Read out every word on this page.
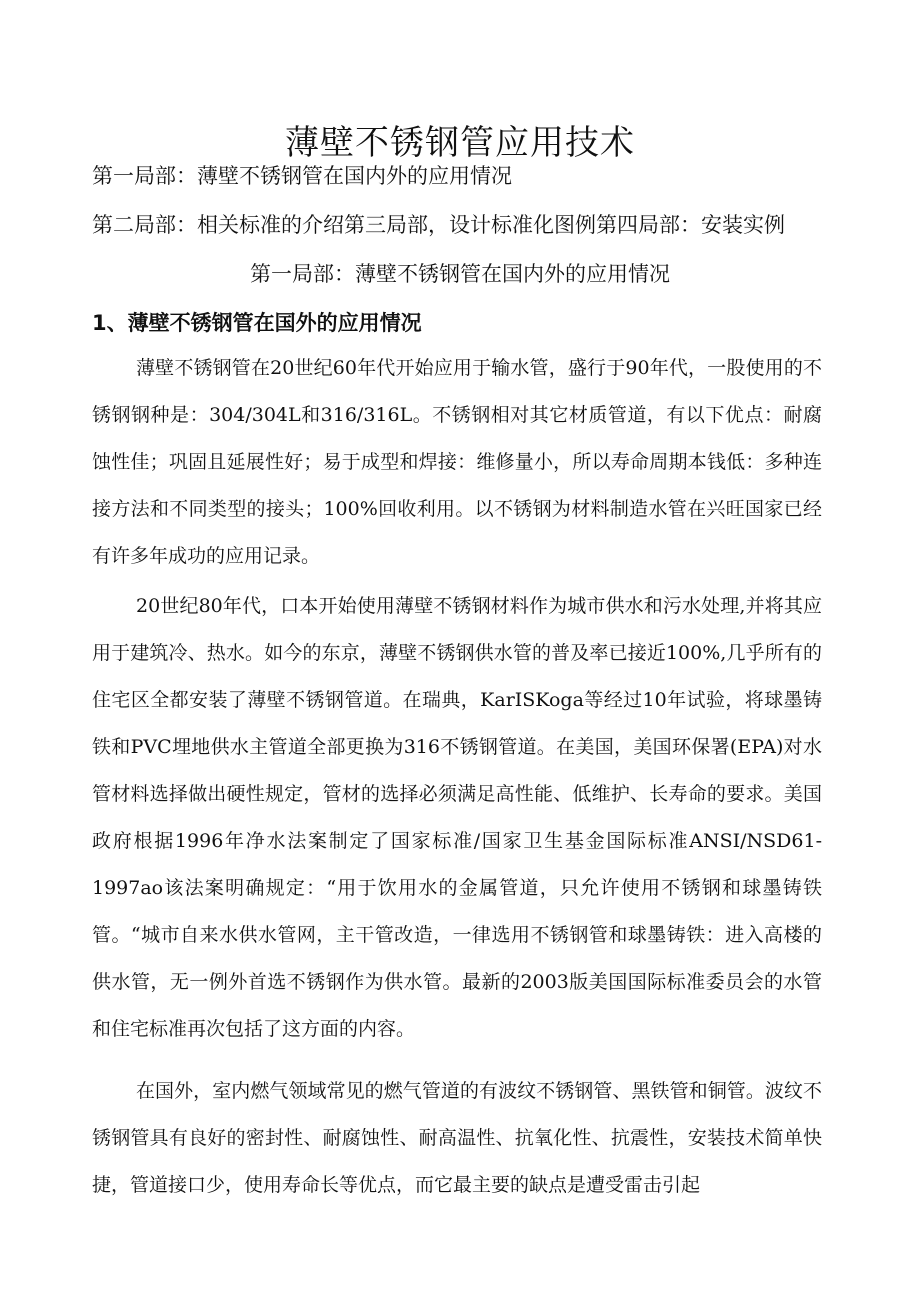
薄壁不锈钢管应用技术
第一局部：薄壁不锈钢管在国内外的应用情况
第二局部：相关标准的介绍第三局部，设计标准化图例第四局部：安装实例
第一局部：薄壁不锈钢管在国内外的应用情况
1、薄壁不锈钢管在国外的应用情况

薄壁不锈钢管在20世纪60年代开始应用于输水管，盛行于90年代，一股使用的不锈钢钢种是：304/304L和316/316L。不锈钢相对其它材质管道，有以下优点：耐腐蚀性佳；巩固且延展性好；易于成型和焊接：维修量小，所以寿命周期本钱低：多种连接方法和不同类型的接头；100%回收利用。以不锈钢为材料制造水管在兴旺国家已经有许多年成功的应用记录。

20世纪80年代，口本开始使用薄壁不锈钢材料作为城市供水和污水处理,并将其应用于建筑冷、热水。如今的东京，薄壁不锈钢供水管的普及率已接近100%,几乎所有的住宅区全都安装了薄壁不锈钢管道。在瑞典，KarISKoga等经过10年试验，将球墨铸铁和PVC埋地供水主管道全部更换为316不锈钢管道。在美国，美国环保署(EPA)对水管材料选择做出硬性规定，管材的选择必须满足高性能、低维护、长寿命的要求。美国政府根据1996年净水法案制定了国家标准/国家卫生基金国际标准ANSI/NSD61-1997ao该法案明确规定：“用于饮用水的金属管道，只允许使用不锈钢和球墨铸铁管。“城市自来水供水管网，主干管改造，一律选用不锈钢管和球墨铸铁：进入高楼的供水管，无一例外首选不锈钢作为供水管。最新的2003版美国国际标准委员会的水管和住宅标准再次包括了这方面的内容。

在国外，室内燃气领域常见的燃气管道的有波纹不锈钢管、黑铁管和铜管。波纹不锈钢管具有良好的密封性、耐腐蚀性、耐高温性、抗氧化性、抗震性，安装技术简单快捷，管道接口少，使用寿命长等优点，而它最主要的缺点是遭受雷击引起
